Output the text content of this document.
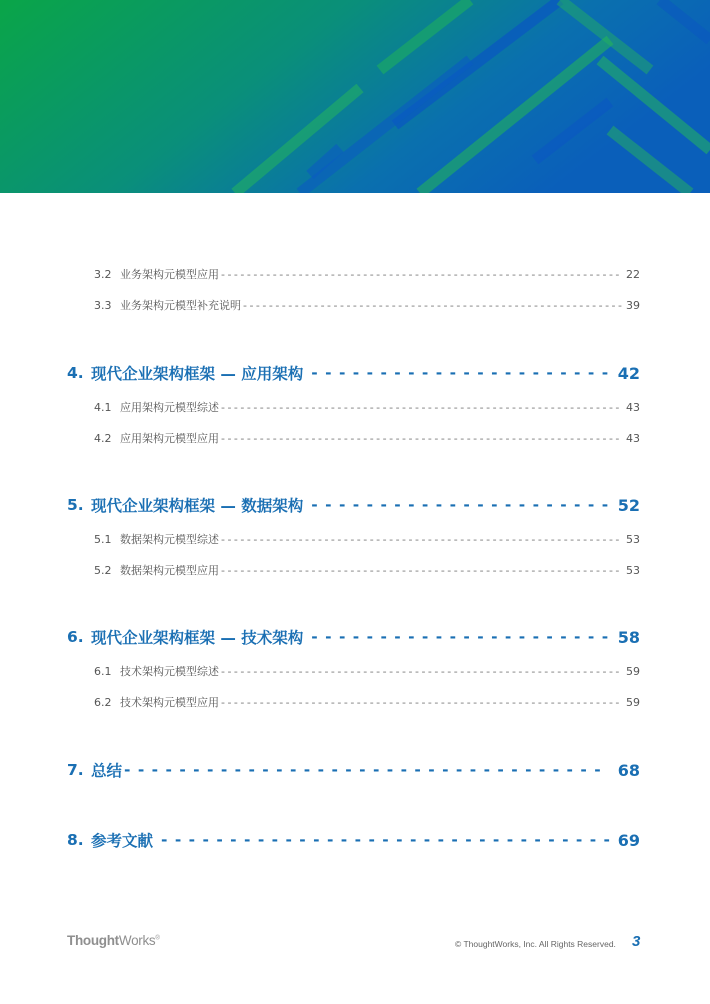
3.2 业务架构元模型应用 - - -	22
3.3 业务架构元模型补充说明 - - -	39
4. 现代企业架构框架 — 应用架构 - - -	42
4.1 应用架构元模型综述 - - -	43
4.2 应用架构元模型应用 - - -	43
5. 现代企业架构框架 — 数据架构 - - -	52
5.1 数据架构元模型综述 - - -	53
5.2 数据架构元模型应用 - - -	53
6. 现代企业架构框架 — 技术架构 - - -	58
6.1 技术架构元模型综述 - - -	59
6.2 技术架构元模型应用 - - -	59
7. 总结 - - -	68
8. 参考文献 - - -	69
ThoughtWorks®
© ThoughtWorks, Inc. All Rights Reserved. 3
